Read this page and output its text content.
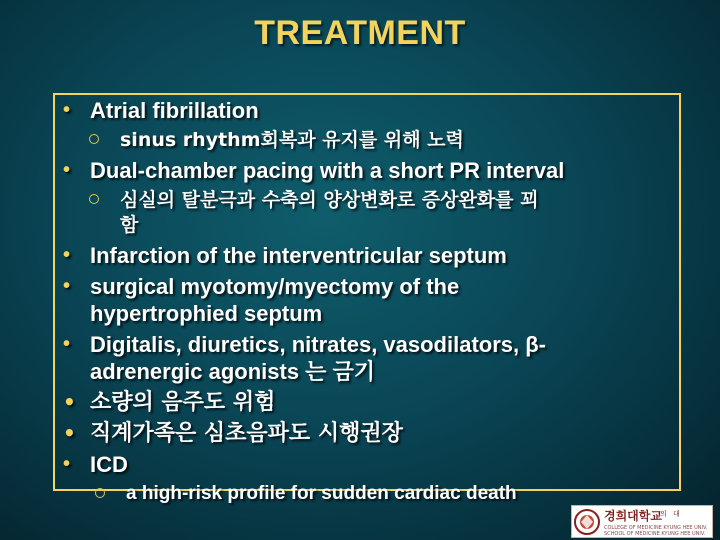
TREATMENT
• Atrial fibrillation
sinus rhythm회복과 유지를 위해 노력
• Dual-chamber pacing with a short PR interval
심실의 탈분극과 수축의 양상변화로 증상완화를 꾀
함
• Infarction of the interventricular septum
• surgical myotomy/myectomy of the
hypertrophied septum
• Digitalis, diuretics, nitrates, vasodilators, β-
adrenergic agonists 는 금기
• 소량의 음주도 위험
• 직계가족은 심초음파도 시행권장
• ICD
a high-risk profile for sudden cardiac death
경희대학교
의 대
COLLEGE OF MEDICINE KYUNG HEE UNIV.
SCHOOL OF MEDICINE KYUNG HEE UNIV.
